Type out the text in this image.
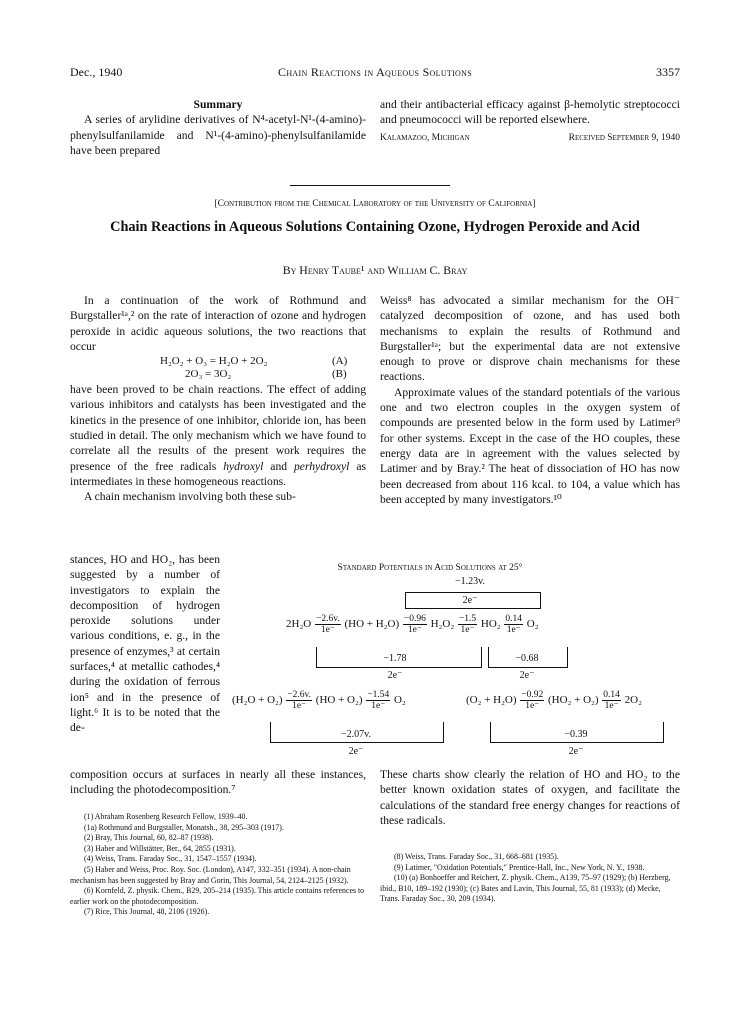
Dec., 1940	Chain Reactions in Aqueous Solutions	3357

Summary

A series of arylidine derivatives of N⁴-acetyl-N¹-(4-amino)-phenylsulfanilamide and N¹-(4-amino)-phenylsulfanilamide have been prepared

and their antibacterial efficacy against β-hemolytic streptococci and pneumococci will be reported elsewhere.

Kalamazoo, Michigan	Received September 9, 1940

[Contribution from the Chemical Laboratory of the University of California]
Chain Reactions in Aqueous Solutions Containing Ozone, Hydrogen Peroxide and Acid
By Henry Taube¹ and William C. Bray

In a continuation of the work of Rothmund and Burgstaller¹ᵃ,² on the rate of interaction of ozone and hydrogen peroxide in acidic aqueous solutions, the two reactions that occur

H₂O₂ + O₃ = H₂O + 2O₂	(A)
2O₃ = 3O₂	(B)

have been proved to be chain reactions. The effect of adding various inhibitors and catalysts has been investigated and the kinetics in the presence of one inhibitor, chloride ion, has been studied in detail. The only mechanism which we have found to correlate all the results of the present work requires the presence of the free radicals hydroxyl and perhydroxyl as intermediates in these homogeneous reactions.

A chain mechanism involving both these sub-

stances, HO and HO₂, has been suggested by a number of investigators to explain the decomposition of hydrogen peroxide solutions under various conditions, e. g., in the presence of enzymes,³ at certain surfaces,⁴ at metallic cathodes,⁴ during the oxidation of ferrous ion⁵ and in the presence of light.⁶ It is to be noted that the de-
composition occurs at surfaces in nearly all these instances, including the photodecomposition.⁷

Weiss⁸ has advocated a similar mechanism for the OH⁻ catalyzed decomposition of ozone, and has used both mechanisms to explain the results of Rothmund and Burgstaller¹ᵃ; but the experimental data are not extensive enough to prove or disprove chain mechanisms for these reactions.

Approximate values of the standard potentials of the various one and two electron couples in the oxygen system of compounds are presented below in the form used by Latimer⁹ for other systems. Except in the case of the HO couples, these energy data are in agreement with the values selected by Latimer and by Bray.² The heat of dissociation of HO has now been decreased from about 116 kcal. to 104, a value which has been accepted by many investigators.¹⁰

These charts show clearly the relation of HO and HO₂ to the better known oxidation states of oxygen, and facilitate the calculations of the standard free energy changes for reactions of these radicals.
Standard Potentials in Acid Solutions at 25°
−1.23v.
2e⁻
$2H_2O \frac{-2.6v.}{1e^-} (HO + H_2O) \frac{-0.96}{1e^-} H_2O_2 \frac{-1.5}{1e^-} HO_2 \frac{0.14}{1e^-} O_2$
−1.78
2e⁻
−0.68
2e⁻
$(H_2O + O_2) \frac{-2.6v.}{1e^-} (HO + O_2) \frac{-1.54}{1e^-} O_2$
−2.07v.
2e⁻
$(O_2 + H_2O) \frac{-0.92}{1e^-} (HO_2 + O_2) \frac{0.14}{1e^-} 2O_2$
−0.39
2e⁻

(1) Abraham Rosenberg Research Fellow, 1939–40.

(1a) Rothmund and Burgstaller, Monatsh., 38, 295–303 (1917).

(2) Bray, This Journal, 60, 82–87 (1938).

(3) Haber and Willstätter, Ber., 64, 2855 (1931).

(4) Weiss, Trans. Faraday Soc., 31, 1547–1557 (1934).

(5) Haber and Weiss, Proc. Roy. Soc. (London), A147, 332–351 (1934). A non-chain mechanism has been suggested by Bray and Gorin, This Journal, 54, 2124–2125 (1932).

(6) Kornfeld, Z. physik. Chem., B29, 205–214 (1935). This article contains references to earlier work on the photodecomposition.

(7) Rice, This Journal, 48, 2106 (1926).

(8) Weiss, Trans. Faraday Soc., 31, 668–681 (1935).

(9) Latimer, "Oxidation Potentials," Prentice-Hall, Inc., New York, N. Y., 1938.

(10) (a) Bonhoeffer and Reichert, Z. physik. Chem., A139, 75–97 (1929); (b) Herzberg, ibid., B10, 189–192 (1930); (c) Bates and Lavin, This Journal, 55, 81 (1933); (d) Mecke, Trans. Faraday Soc., 30, 209 (1934).
